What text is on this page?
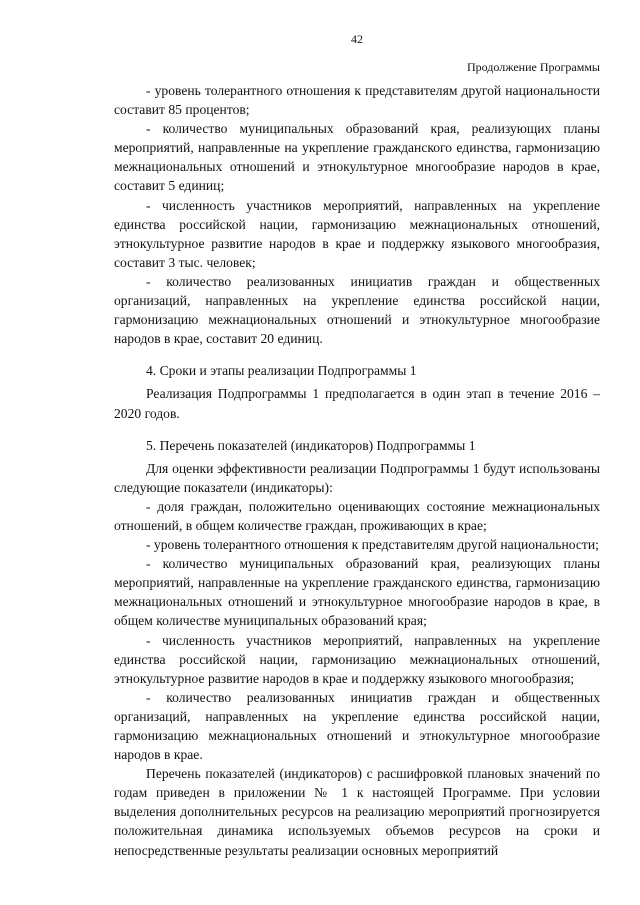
42
Продолжение Программы

- уровень толерантного отношения к представителям другой национальности составит 85 процентов;

- количество муниципальных образований края, реализующих планы мероприятий, направленные на укрепление гражданского единства, гармонизацию межнациональных отношений и этнокультурное многообразие народов в крае, составит 5 единиц;

- численность участников мероприятий, направленных на укрепление единства российской нации, гармонизацию межнациональных отношений, этнокультурное развитие народов в крае и поддержку языкового многообразия, составит 3 тыс. человек;

- количество реализованных инициатив граждан и общественных организаций, направленных на укрепление единства российской нации, гармонизацию межнациональных отношений и этнокультурное многообразие народов в крае, составит 20 единиц.

4. Сроки и этапы реализации Подпрограммы 1

Реализация Подпрограммы 1 предполагается в один этап в течение 2016 – 2020 годов.

5. Перечень показателей (индикаторов) Подпрограммы 1

Для оценки эффективности реализации Подпрограммы 1 будут использованы следующие показатели (индикаторы):

- доля граждан, положительно оценивающих состояние межнациональных отношений, в общем количестве граждан, проживающих в крае;

- уровень толерантного отношения к представителям другой национальности;

- количество муниципальных образований края, реализующих планы мероприятий, направленные на укрепление гражданского единства, гармонизацию межнациональных отношений и этнокультурное многообразие народов в крае, в общем количестве муниципальных образований края;

- численность участников мероприятий, направленных на укрепление единства российской нации, гармонизацию межнациональных отношений, этнокультурное развитие народов в крае и поддержку языкового многообразия;

- количество реализованных инициатив граждан и общественных организаций, направленных на укрепление единства российской нации, гармонизацию межнациональных отношений и этнокультурное многообразие народов в крае.

Перечень показателей (индикаторов) с расшифровкой плановых значений по годам приведен в приложении № 1 к настоящей Программе. При условии выделения дополнительных ресурсов на реализацию мероприятий прогнозируется положительная динамика используемых объемов ресурсов на сроки и непосредственные результаты реализации основных мероприятий
